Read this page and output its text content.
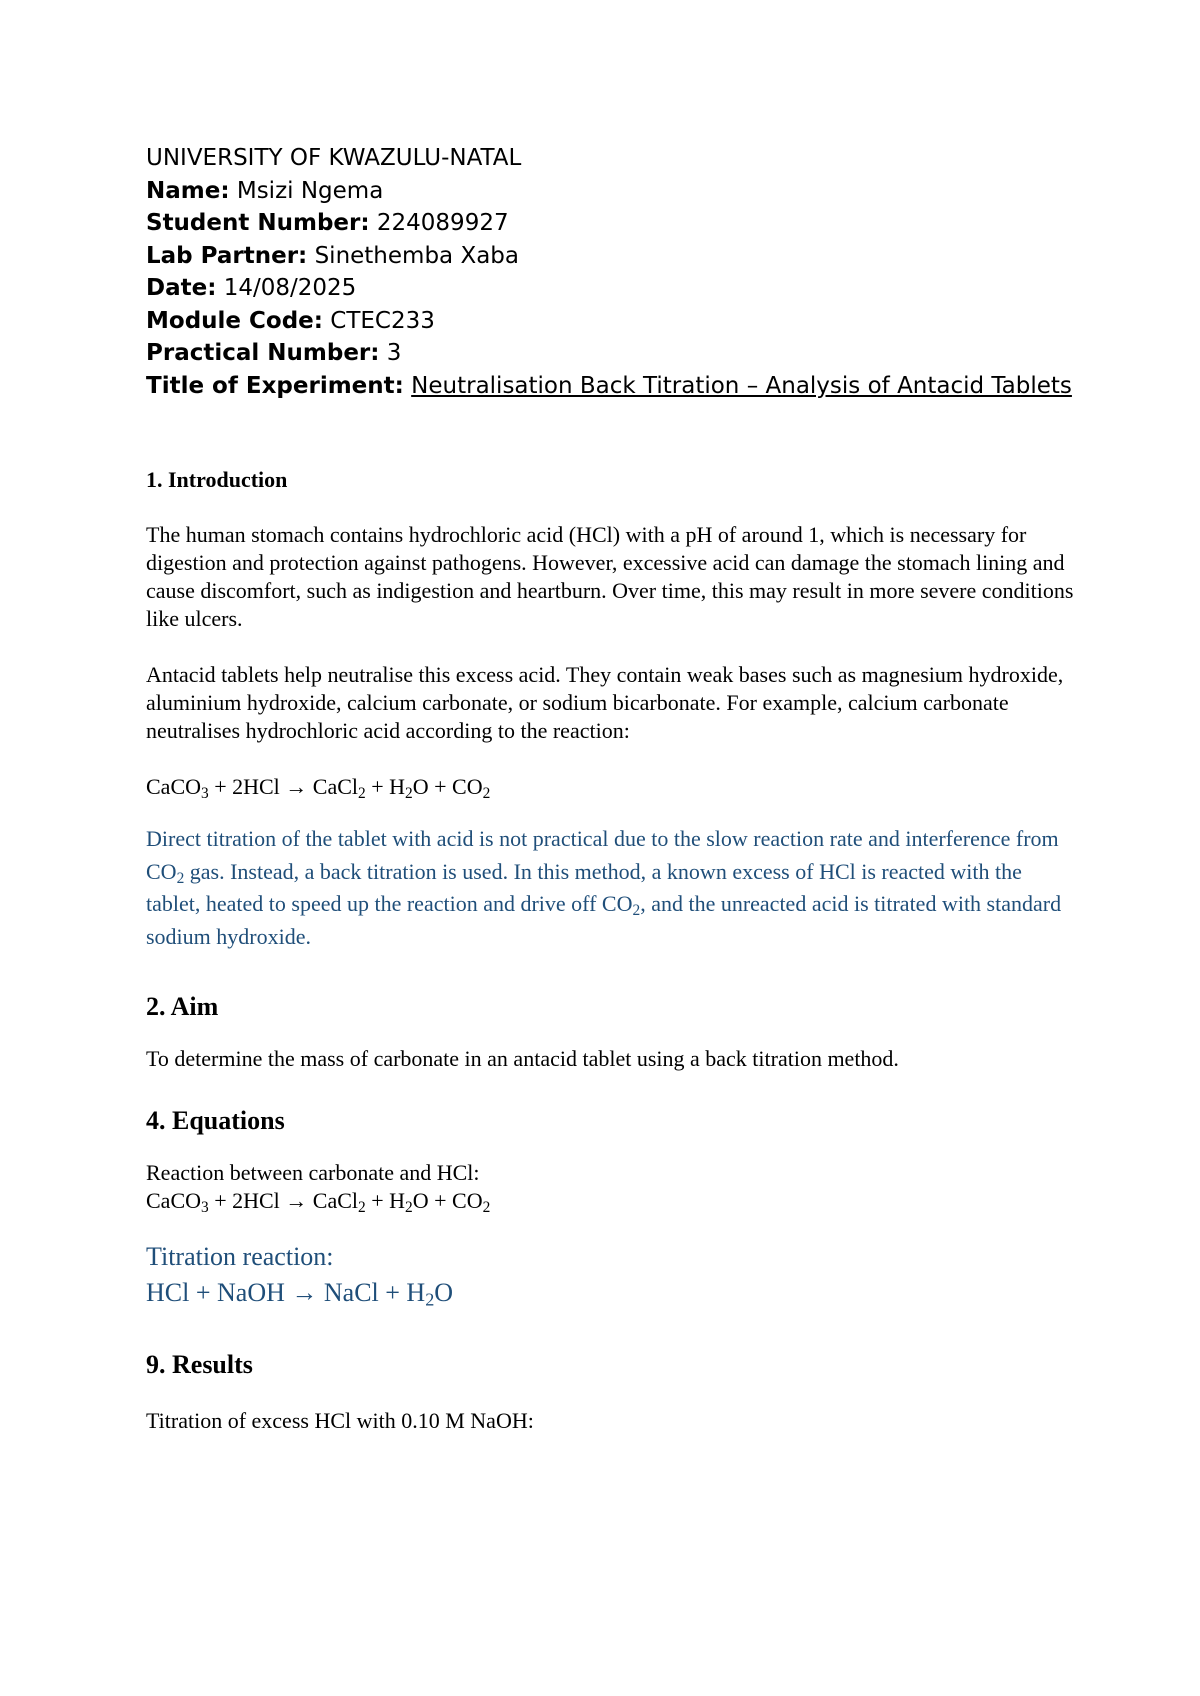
UNIVERSITY OF KWAZULU-NATAL
Name: Msizi Ngema
Student Number: 224089927
Lab Partner: Sinethemba Xaba
Date: 14/08/2025
Module Code: CTEC233
Practical Number: 3
Title of Experiment: Neutralisation Back Titration – Analysis of Antacid Tablets
1. Introduction

The human stomach contains hydrochloric acid (HCl) with a pH of around 1, which is necessary for digestion and protection against pathogens. However, excessive acid can damage the stomach lining and cause discomfort, such as indigestion and heartburn. Over time, this may result in more severe conditions like ulcers.

Antacid tablets help neutralise this excess acid. They contain weak bases such as magnesium hydroxide, aluminium hydroxide, calcium carbonate, or sodium bicarbonate. For example, calcium carbonate neutralises hydrochloric acid according to the reaction:

CaCO$_3$ + 2HCl → CaCl$_2$ + $H_2O + CO_2$

Direct titration of the tablet with acid is not practical due to the slow reaction rate and interference from $CO_2$ gas. Instead, a back titration is used. In this method, a known excess of HCl is reacted with the tablet, heated to speed up the reaction and drive off $CO_2$, and the unreacted acid is titrated with standard sodium hydroxide.

2. Aim

To determine the mass of carbonate in an antacid tablet using a back titration method.

4. Equations

Reaction between carbonate and HCl:

CaCO$_3$ + 2HCl → CaCl$_2$ + $H_2O + CO_2$

Titration reaction:
HCl + NaOH → NaCl + $H_2O$
9. Results

Titration of excess HCl with 0.10 M NaOH:
